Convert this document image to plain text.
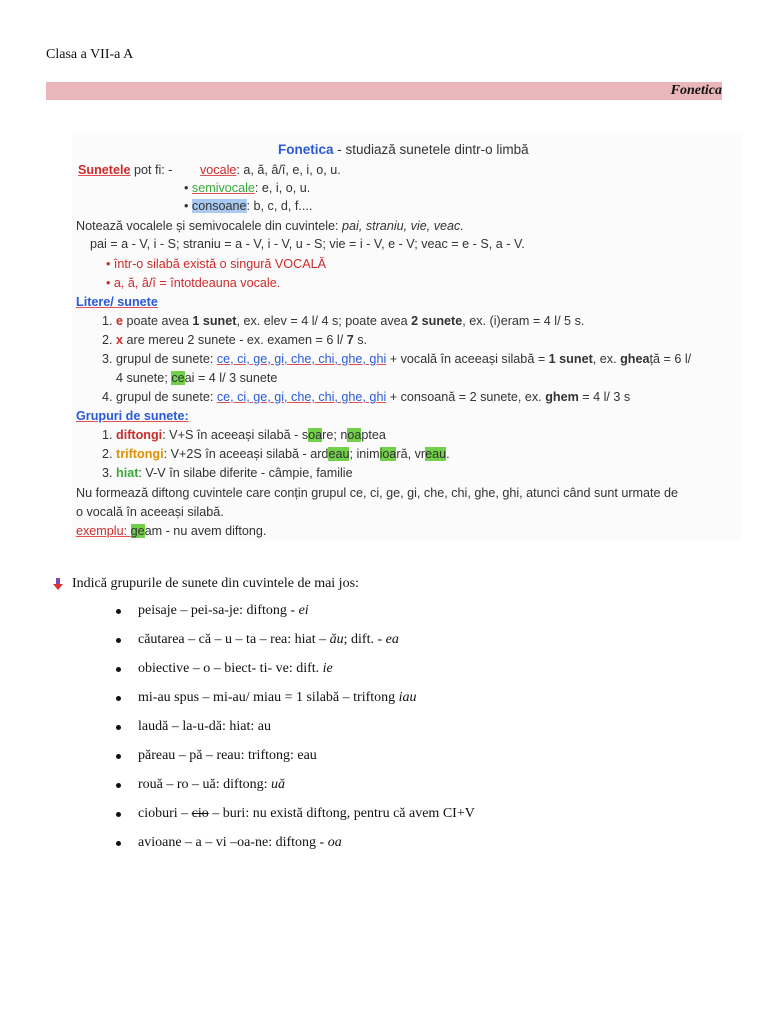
Clasa a VII-a A
Fonetica
Fonetica - studiază sunetele dintr-o limbă
Sunetele pot fi: - vocale: a, ă, â/î, e, i, o, u.
• semivocale: e, i, o, u.
• consoane: b, c, d, f....
Notează vocalele și semivocalele din cuvintele: pai, straniu, vie, veac.
pai = a - V, i - S; straniu = a - V, i - V, u - S; vie = i - V, e - V; veac = e - S, a - V.
• într-o silabă există o singură VOCALĂ
• a, ă, â/î = întotdeauna vocale.
Litere/ sunete
1. e poate avea 1 sunet, ex. elev = 4 l/ 4 s; poate avea 2 sunete, ex. (i)eram = 4 l/ 5 s.
2. x are mereu 2 sunete - ex. examen = 6 l/ 7 s.
3. grupul de sunete: ce, ci, ge, gi, che, chi, ghe, ghi + vocală în aceeași silabă = 1 sunet, ex. gheață = 6 l/
4 sunete; ceai = 4 l/ 3 sunete
4. grupul de sunete: ce, ci, ge, gi, che, chi, ghe, ghi + consoană = 2 sunete, ex. ghem = 4 l/ 3 s
Grupuri de sunete:
1. diftongi: V+S în aceeași silabă - soare; noaptea
2. triftongi: V+2S în aceeași silabă - ardeau; inimioară, vreau.
3. hiat: V-V în silabe diferite - câmpie, familie
Nu formează diftong cuvintele care conțin grupul ce, ci, ge, gi, che, chi, ghe, ghi, atunci când sunt urmate de
o vocală în aceeași silabă.
exemplu: geam - nu avem diftong.
Indică grupurile de sunete din cuvintele de mai jos:
peisaje – pei-sa-je: diftong - ei
căutarea – că – u – ta – rea: hiat – ău; dift. - ea
obiective – o – biect- ti- ve: dift. ie
mi-au spus – mi-au/ miau = 1 silabă – triftong iau
laudă – la-u-dă: hiat: au
păreau – pă – reau: triftong: eau
rouă – ro – uă: diftong: uă
cioburi – cio – buri: nu există diftong, pentru că avem CI+V
avioane – a – vi –oa-ne: diftong - oa
